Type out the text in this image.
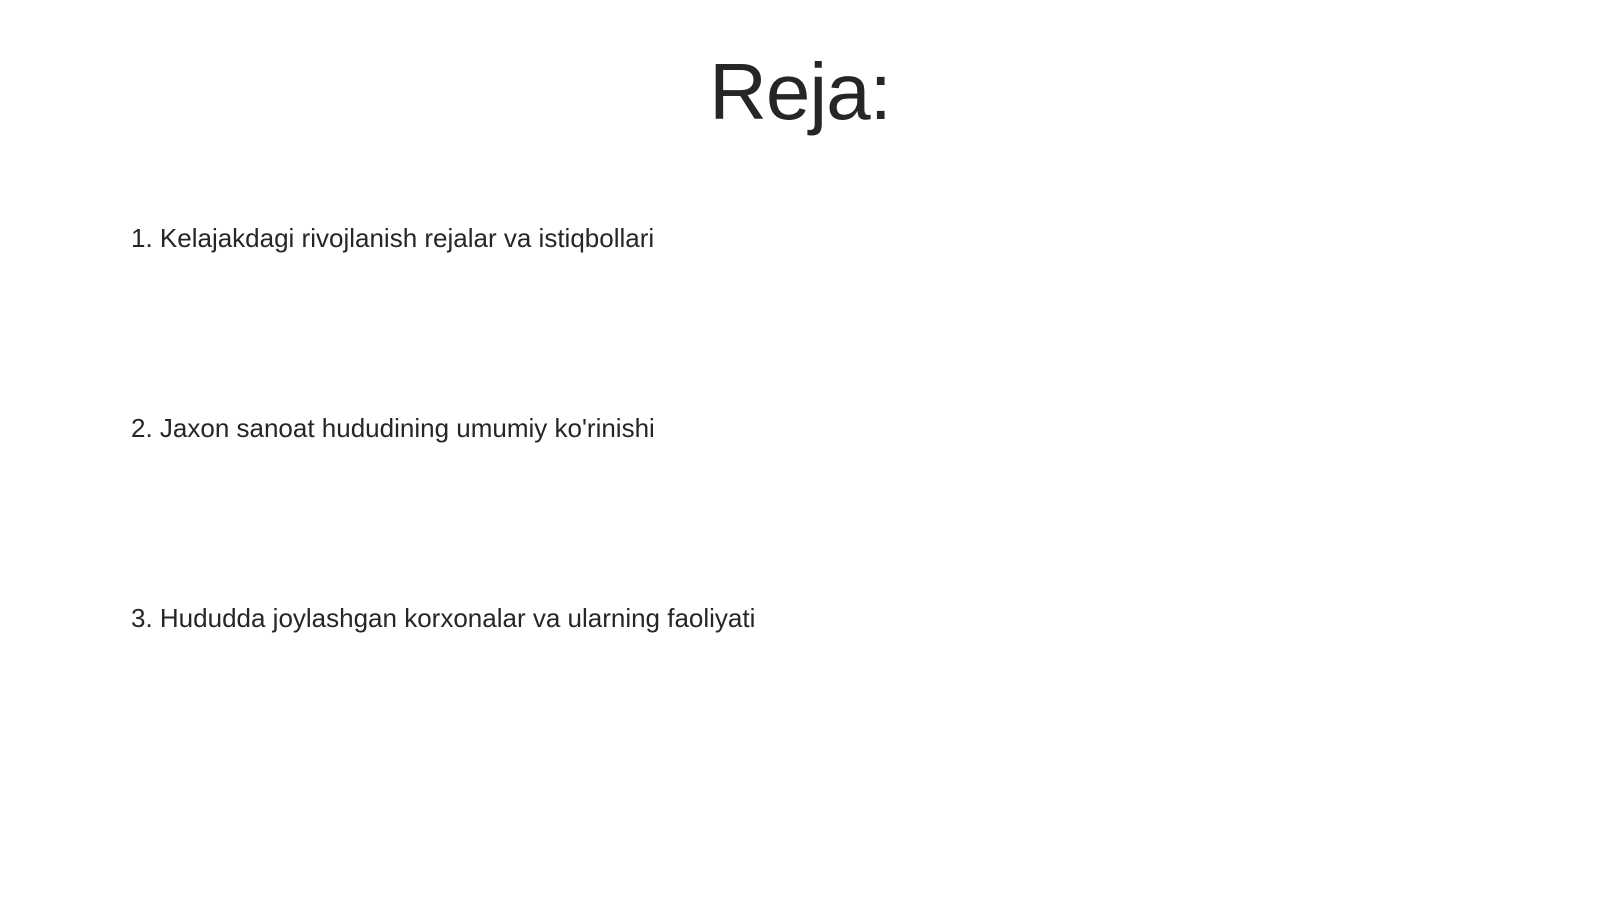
Reja:
1. Kelajakdagi rivojlanish rejalar va istiqbollari
2. Jaxon sanoat hududining umumiy ko'rinishi
3. Hududda joylashgan korxonalar va ularning faoliyati
